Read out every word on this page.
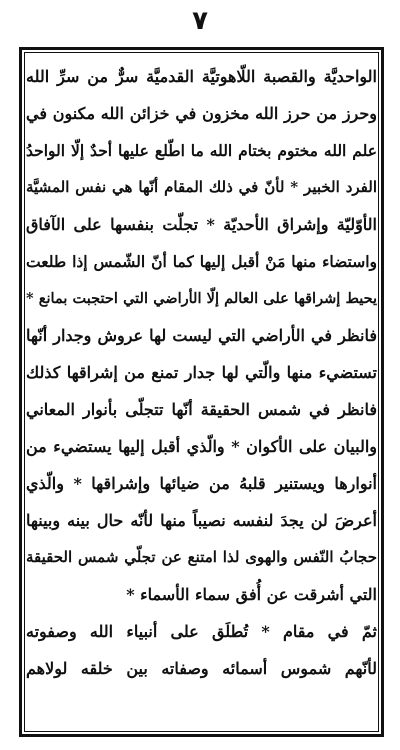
٧
الواحديَّة والقصبة اللّاهوتيَّة القدميَّة سرٌّ من سرِّ الله
وحرز من حرز الله مخزون في خزائن الله مكنون في
علم الله مختوم بختام الله ما اطّلع عليها أحدٌ إلّا الواحدُ
الفرد الخبير * لأنّ في ذلك المقام أنّها هي نفس المشيَّة
الأوّليّة وإشراق الأحديّة * تجلّت بنفسها على الآفاق
واستضاء منها مَنْ أقبل إليها كما أنّ الشّمس إذا طلعت
يحيط إشراقها على العالم إلّا الأراضي التي احتجبت بمانع *
فانظر في الأراضي التي ليست لها عروش وجدار أنّها
تستضيء منها والّتي لها جدار تمنع من إشراقها كذلك
فانظر في شمس الحقيقة أنّها تتجلّى بأنوار المعاني
والبيان على الأكوان * والّذي أقبل إليها يستضيء من
أنوارها ويستنير قلبهُ من ضيائها وإشراقها * والّذي
أعرضَ لن يجدَ لنفسه نصيباً منها لأنّه حال بينه وبينها
حجابُ النّفس والهوى لذا امتنع عن تجلّي شمس الحقيقة
التي أشرقت عن أُفق سماء الأسماء *
ثمّ في مقام * تُطلَق على أنبياء الله وصفوته
لأنّهم شموس أسمائه وصفاته بين خلقه لولاهم
